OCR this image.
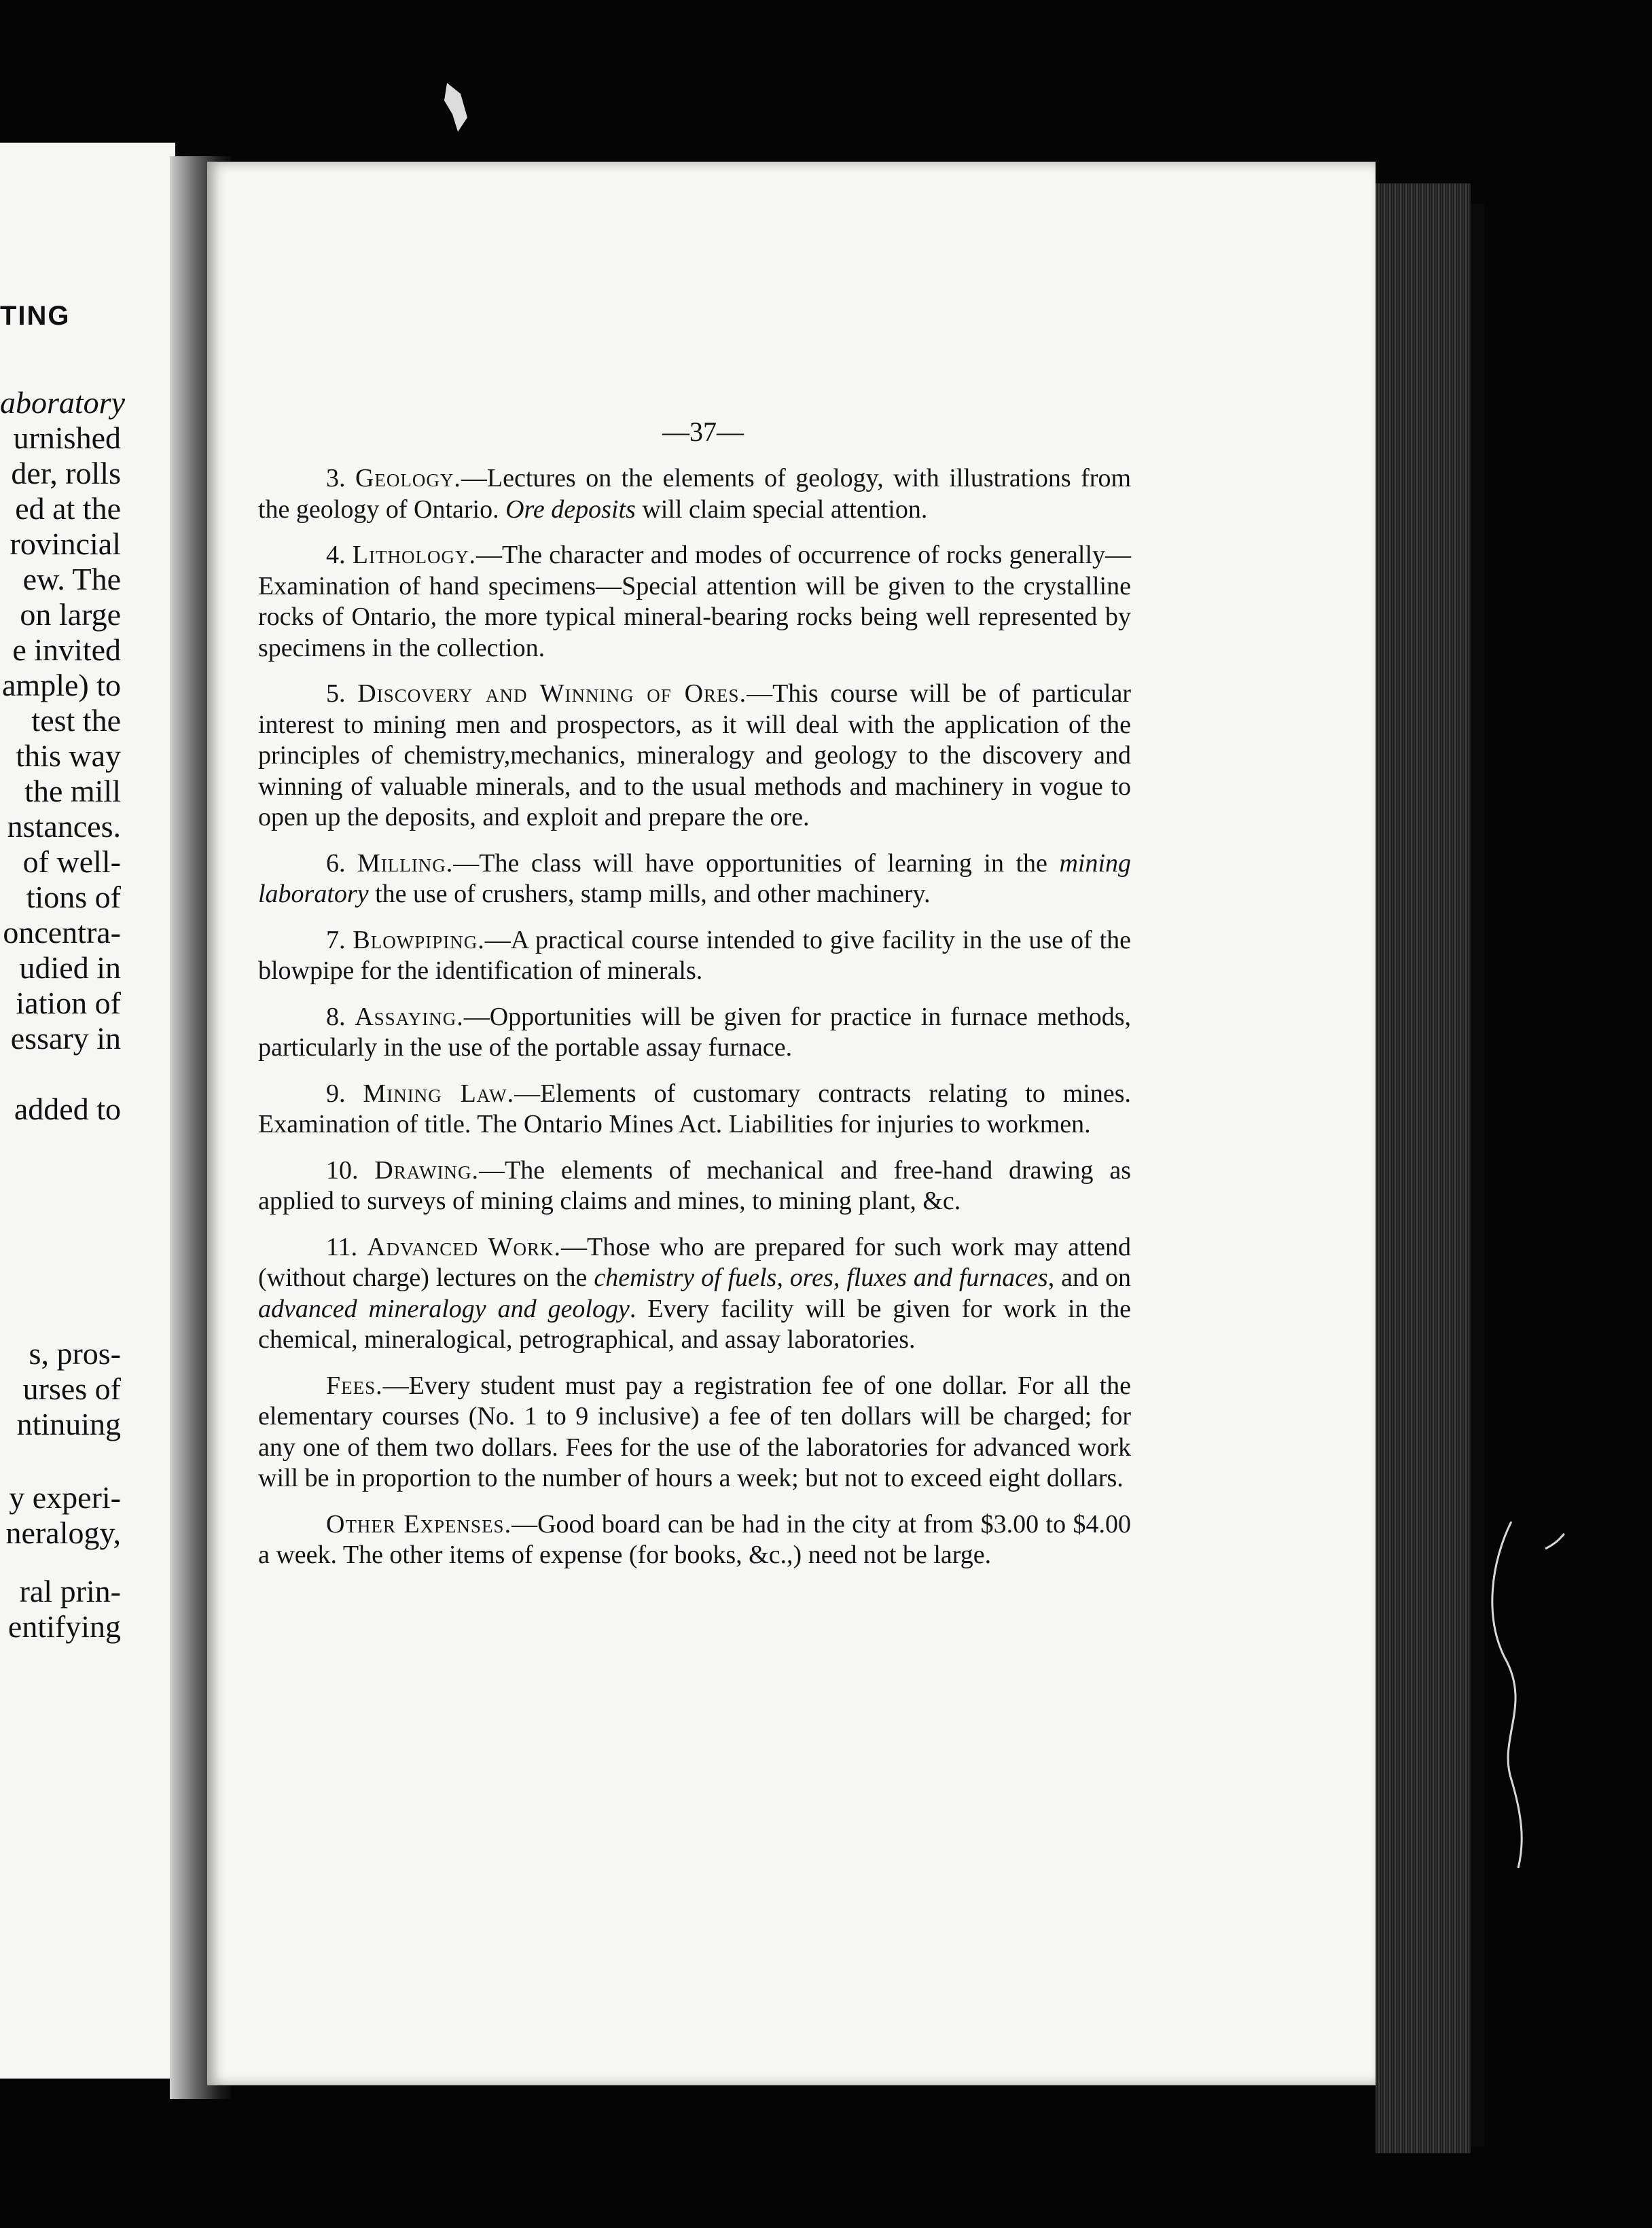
TING
aboratory
urnished
der, rolls
ed at the
rovincial
ew. The
on large
e invited
ample) to
test the
this way
the mill
nstances.
of well-
tions of
oncentra-
udied in
iation of
essary in
added to
s, pros-
urses of
ntinuing
y experi-
neralogy,
ral prin-
entifying
—37—

3. Geology.—Lectures on the elements of geology, with illustrations from the geology of Ontario. Ore deposits will claim special attention.

4. Lithology.—The character and modes of occurrence of rocks generally—Examination of hand specimens—Special attention will be given to the crystalline rocks of Ontario, the more typical mineral-bearing rocks being well represented by specimens in the collection.

5. Discovery and Winning of Ores.—This course will be of particular interest to mining men and prospectors, as it will deal with the application of the principles of chemistry,mechanics, mineralogy and geology to the discovery and winning of valuable minerals, and to the usual methods and machinery in vogue to open up the deposits, and exploit and prepare the ore.

6. Milling.—The class will have opportunities of learning in the mining laboratory the use of crushers, stamp mills, and other machinery.

7. Blowpiping.—A practical course intended to give facility in the use of the blowpipe for the identification of minerals.

8. Assaying.—Opportunities will be given for practice in furnace methods, particularly in the use of the portable assay furnace.

9. Mining Law.—Elements of customary contracts relating to mines. Examination of title. The Ontario Mines Act. Liabilities for injuries to workmen.

10. Drawing.—The elements of mechanical and free-hand drawing as applied to surveys of mining claims and mines, to mining plant, &c.

11. Advanced Work.—Those who are prepared for such work may attend (without charge) lectures on the chemistry of fuels, ores, fluxes and furnaces, and on advanced mineralogy and geology. Every facility will be given for work in the chemical, mineralogical, petrographical, and assay laboratories.

Fees.—Every student must pay a registration fee of one dollar. For all the elementary courses (No. 1 to 9 inclusive) a fee of ten dollars will be charged; for any one of them two dollars. Fees for the use of the laboratories for advanced work will be in proportion to the number of hours a week; but not to exceed eight dollars.

Other Expenses.—Good board can be had in the city at from $3.00 to $4.00 a week. The other items of expense (for books, &c.,) need not be large.
